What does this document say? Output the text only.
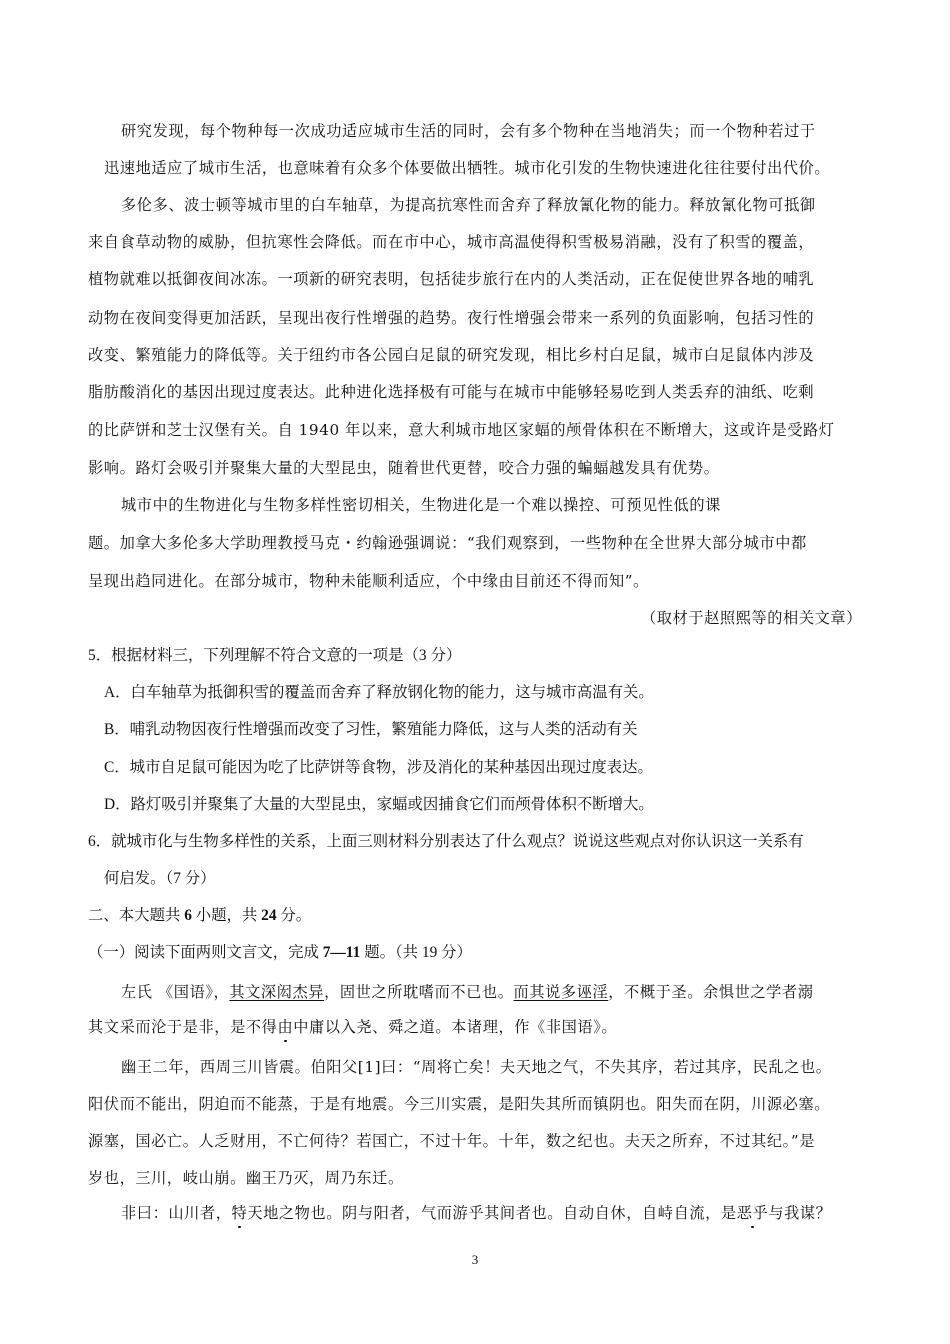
研究发现，每个物种每一次成功适应城市生活的同时，会有多个物种在当地消失；而一个物种若过于
迅速地适应了城市生活，也意味着有众多个体要做出牺牲。城市化引发的生物快速进化往往要付出代价。
多伦多、波士顿等城市里的白车轴草，为提高抗寒性而舍弃了释放氰化物的能力。释放氰化物可抵御
来自食草动物的威胁，但抗寒性会降低。而在市中心，城市高温使得积雪极易消融，没有了积雪的覆盖，
植物就难以抵御夜间冰冻。一项新的研究表明，包括徒步旅行在内的人类活动，正在促使世界各地的哺乳
动物在夜间变得更加活跃，呈现出夜行性增强的趋势。夜行性增强会带来一系列的负面影响，包括习性的
改变、繁殖能力的降低等。关于纽约市各公园白足鼠的研究发现，相比乡村白足鼠，城市白足鼠体内涉及
脂肪酸消化的基因出现过度表达。此种进化选择极有可能与在城市中能够轻易吃到人类丢弃的油纸、吃剩
的比萨饼和芝士汉堡有关。自 1940 年以来，意大利城市地区家蝠的颅骨体积在不断增大，这或许是受路灯
影响。路灯会吸引并聚集大量的大型昆虫，随着世代更替，咬合力强的蝙蝠越发具有优势。
城市中的生物进化与生物多样性密切相关，生物进化是一个难以操控、可预见性低的课
题。加拿大多伦多大学助理教授马克・约翰逊强调说：“我们观察到，一些物种在全世界大部分城市中都
呈现出趋同进化。在部分城市，物种未能顺利适应，个中缘由目前还不得而知”。
（取材于赵照熙等的相关文章）
5．根据材料三，下列理解不符合文意的一项是（3 分）
A．白车轴草为抵御积雪的覆盖而舍弃了释放钢化物的能力，这与城市高温有关。
B．哺乳动物因夜行性增强而改变了习性，繁殖能力降低，这与人类的活动有关
C．城市自足鼠可能因为吃了比萨饼等食物，涉及消化的某种基因出现过度表达。
D．路灯吸引并聚集了大量的大型昆虫，家蝠或因捕食它们而颅骨体积不断增大。
6．就城市化与生物多样性的关系，上面三则材料分别表达了什么观点？说说这些观点对你认识这一关系有
何启发。（7 分）
二、本大题共 6 小题，共 24 分。
（一）阅读下面两则文言文，完成 7—11 题。（共 19 分）
左氏 《国语》，其文深闳杰异，固世之所耽嗜而不已也。而其说多诬淫，不概于圣。余惧世之学者溺
其文采而沦于是非，是不得由中庸以入尧、舜之道。本诸理，作《非国语》。
幽王二年，西周三川皆震。伯阳父[1]曰：“周将亡矣！夫天地之气，不失其序，若过其序，民乱之也。
阳伏而不能出，阴迫而不能蒸，于是有地震。今三川实震，是阳失其所而镇阴也。阳失而在阴，川源必塞。
源塞，国必亡。人乏财用，不亡何待？若国亡，不过十年。十年，数之纪也。夫天之所弃，不过其纪。”是
岁也，三川，岐山崩。幽王乃灭，周乃东迁。
非曰：山川者，特天地之物也。阴与阳者，气而游乎其间者也。自动自休，自峙自流，是恶乎与我谋？
3
